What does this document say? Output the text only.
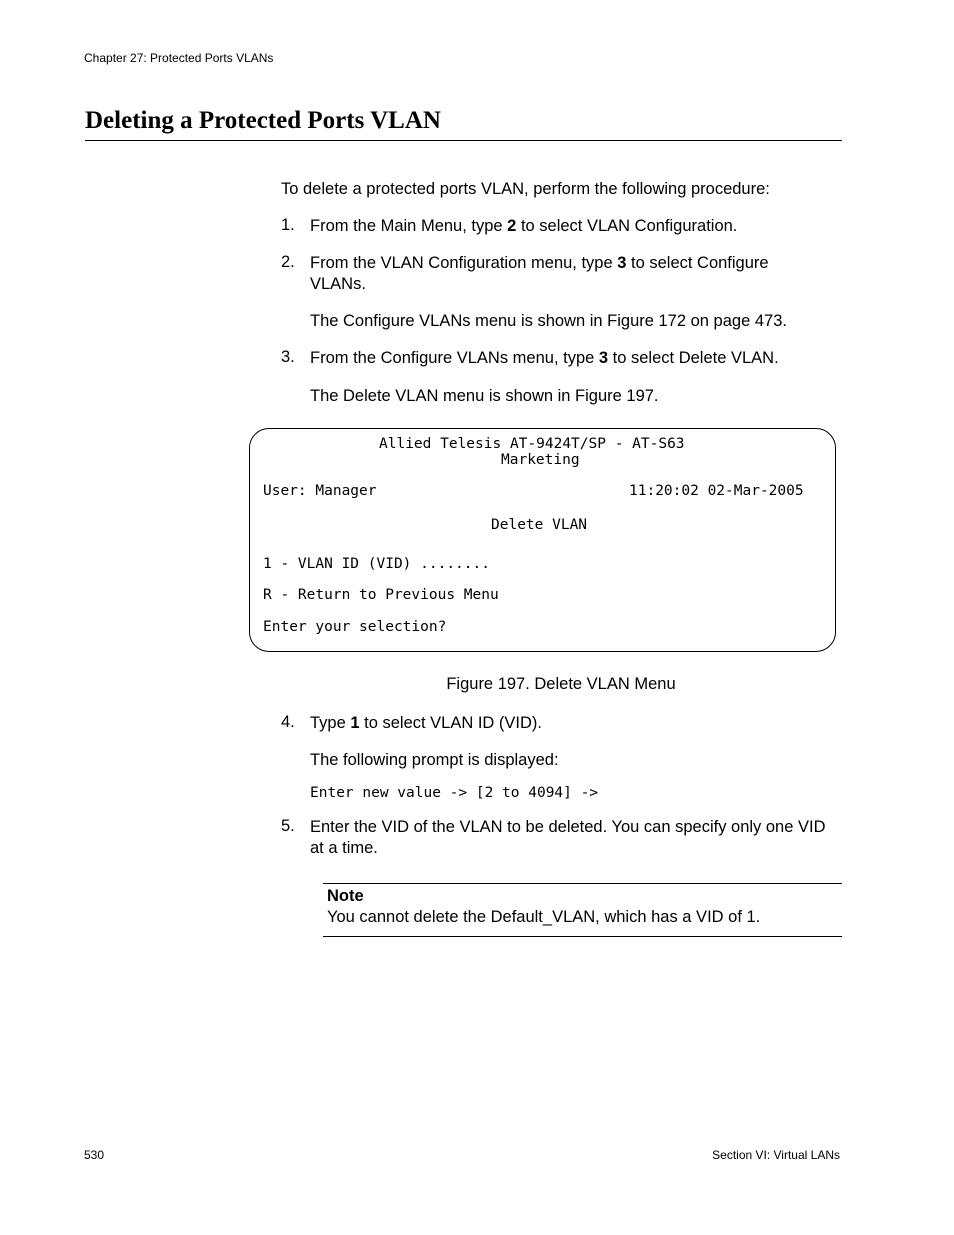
Chapter 27: Protected Ports VLANs
Deleting a Protected Ports VLAN
To delete a protected ports VLAN, perform the following procedure:
1. From the Main Menu, type 2 to select VLAN Configuration.
2. From the VLAN Configuration menu, type 3 to select Configure VLANs.
The Configure VLANs menu is shown in Figure 172 on page 473.
3. From the Configure VLANs menu, type 3 to select Delete VLAN.
The Delete VLAN menu is shown in Figure 197.
Allied Telesis AT-9424T/SP - AT-S63
Marketing
User: Manager	11:20:02 02-Mar-2005
Delete VLAN
1 - VLAN ID (VID) ........
R - Return to Previous Menu
Enter your selection?
Figure 197. Delete VLAN Menu
4. Type 1 to select VLAN ID (VID).
The following prompt is displayed:
Enter new value -> [2 to 4094] ->
5. Enter the VID of the VLAN to be deleted. You can specify only one VID at a time.
Note
You cannot delete the Default_VLAN, which has a VID of 1.
530	Section VI: Virtual LANs
